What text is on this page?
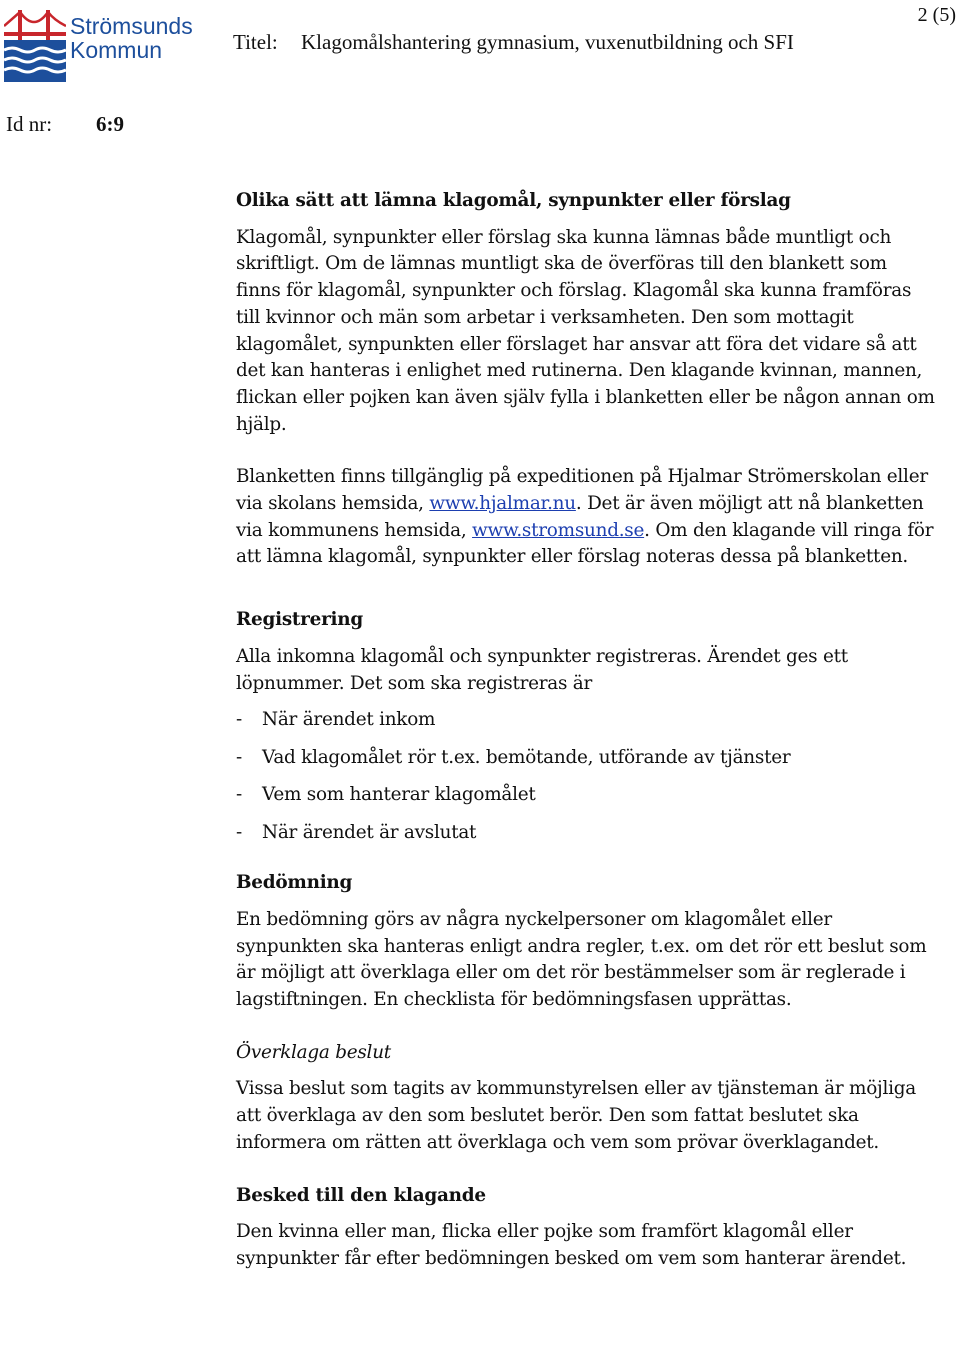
Strömsunds
Kommun	Titel: Klagomålshantering gymnasium, vuxenutbildning och SFI
2 (5)
Id nr: 6:9
Olika sätt att lämna klagomål, synpunkter eller förslag

Klagomål, synpunkter eller förslag ska kunna lämnas både muntligt och skriftligt. Om de lämnas muntligt ska de överföras till den blankett som finns för klagomål, synpunkter och förslag. Klagomål ska kunna framföras till kvinnor och män som arbetar i verksamheten. Den som mottagit klagomålet, synpunkten eller förslaget har ansvar att föra det vidare så att det kan hanteras i enlighet med rutinerna. Den klagande kvinnan, mannen, flickan eller pojken kan även själv fylla i blanketten eller be någon annan om hjälp.

Blanketten finns tillgänglig på expeditionen på Hjalmar Strömerskolan eller via skolans hemsida, www.hjalmar.nu. Det är även möjligt att nå blanketten via kommunens hemsida, www.stromsund.se. Om den klagande vill ringa för att lämna klagomål, synpunkter eller förslag noteras dessa på blanketten.

Registrering

Alla inkomna klagomål och synpunkter registreras. Ärendet ges ett löpnummer. Det som ska registreras är

-	När ärendet inkom
-	Vad klagomålet rör t.ex. bemötande, utförande av tjänster
-	Vem som hanterar klagomålet
-	När ärendet är avslutat
Bedömning

En bedömning görs av några nyckelpersoner om klagomålet eller synpunkten ska hanteras enligt andra regler, t.ex. om det rör ett beslut som är möjligt att överklaga eller om det rör bestämmelser som är reglerade i lagstiftningen. En checklista för bedömningsfasen upprättas.

Överklaga beslut

Vissa beslut som tagits av kommunstyrelsen eller av tjänsteman är möjliga att överklaga av den som beslutet berör. Den som fattat beslutet ska informera om rätten att överklaga och vem som prövar överklagandet.

Besked till den klagande

Den kvinna eller man, flicka eller pojke som framfört klagomål eller synpunkter får efter bedömningen besked om vem som hanterar ärendet.
